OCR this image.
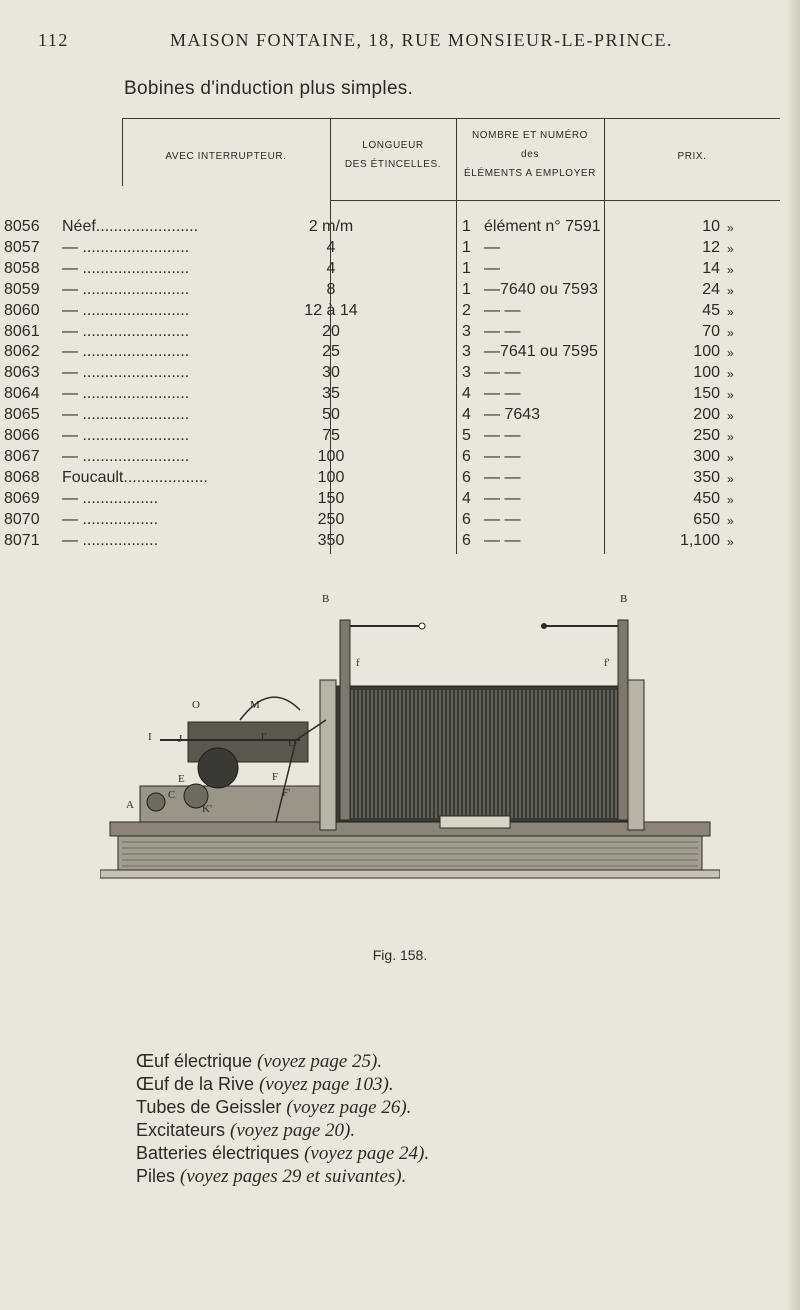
112	MAISON FONTAINE, 18, RUE MONSIEUR-LE-PRINCE.
Bobines d'induction plus simples.
AVEC INTERRUPTEUR.
LONGUEUR
DES ÉTINCELLES.
NOMBRE ET NUMÉRO
des
ÉLÉMENTS A EMPLOYER
PRIX.
8056 Néef.......................	2 m/m	1 élément n° 7591	10 »
8057 — ........................	4	1 —	12 »
8058 — ........................	4	1 —	14 »
8059 — ........................	8	1 —7640 ou 7593	24 »
8060 — ........................	12 à 14	2 — —	45 »
8061 — ........................	20	3 — —	70 »
8062 — ........................	25	3 —7641 ou 7595	100 »
8063 — ........................	30	3 — —	100 »
8064 — ........................	35	4 — —	150 »
8065 — ........................	50	4 — 7643	200 »
8066 — ........................	75	5 — —	250 »
8067 — ........................	100	6 — —	300 »
8068 Foucault...................	100	6 — —	350 »
8069 — .................	150	4 — —	450 »
8070 — .................	250	6 — —	650 »
8071 — .................	350	6 — —	1,100 »
B	B
f	f'
O	M
I J	J' D
E
C
A	K'
F
F'
Fig. 158.
Œuf électrique (voyez page 25).
Œuf de la Rive (voyez page 103).
Tubes de Geissler (voyez page 26).
Excitateurs (voyez page 20).
Batteries électriques (voyez page 24).
Piles (voyez pages 29 et suivantes).
